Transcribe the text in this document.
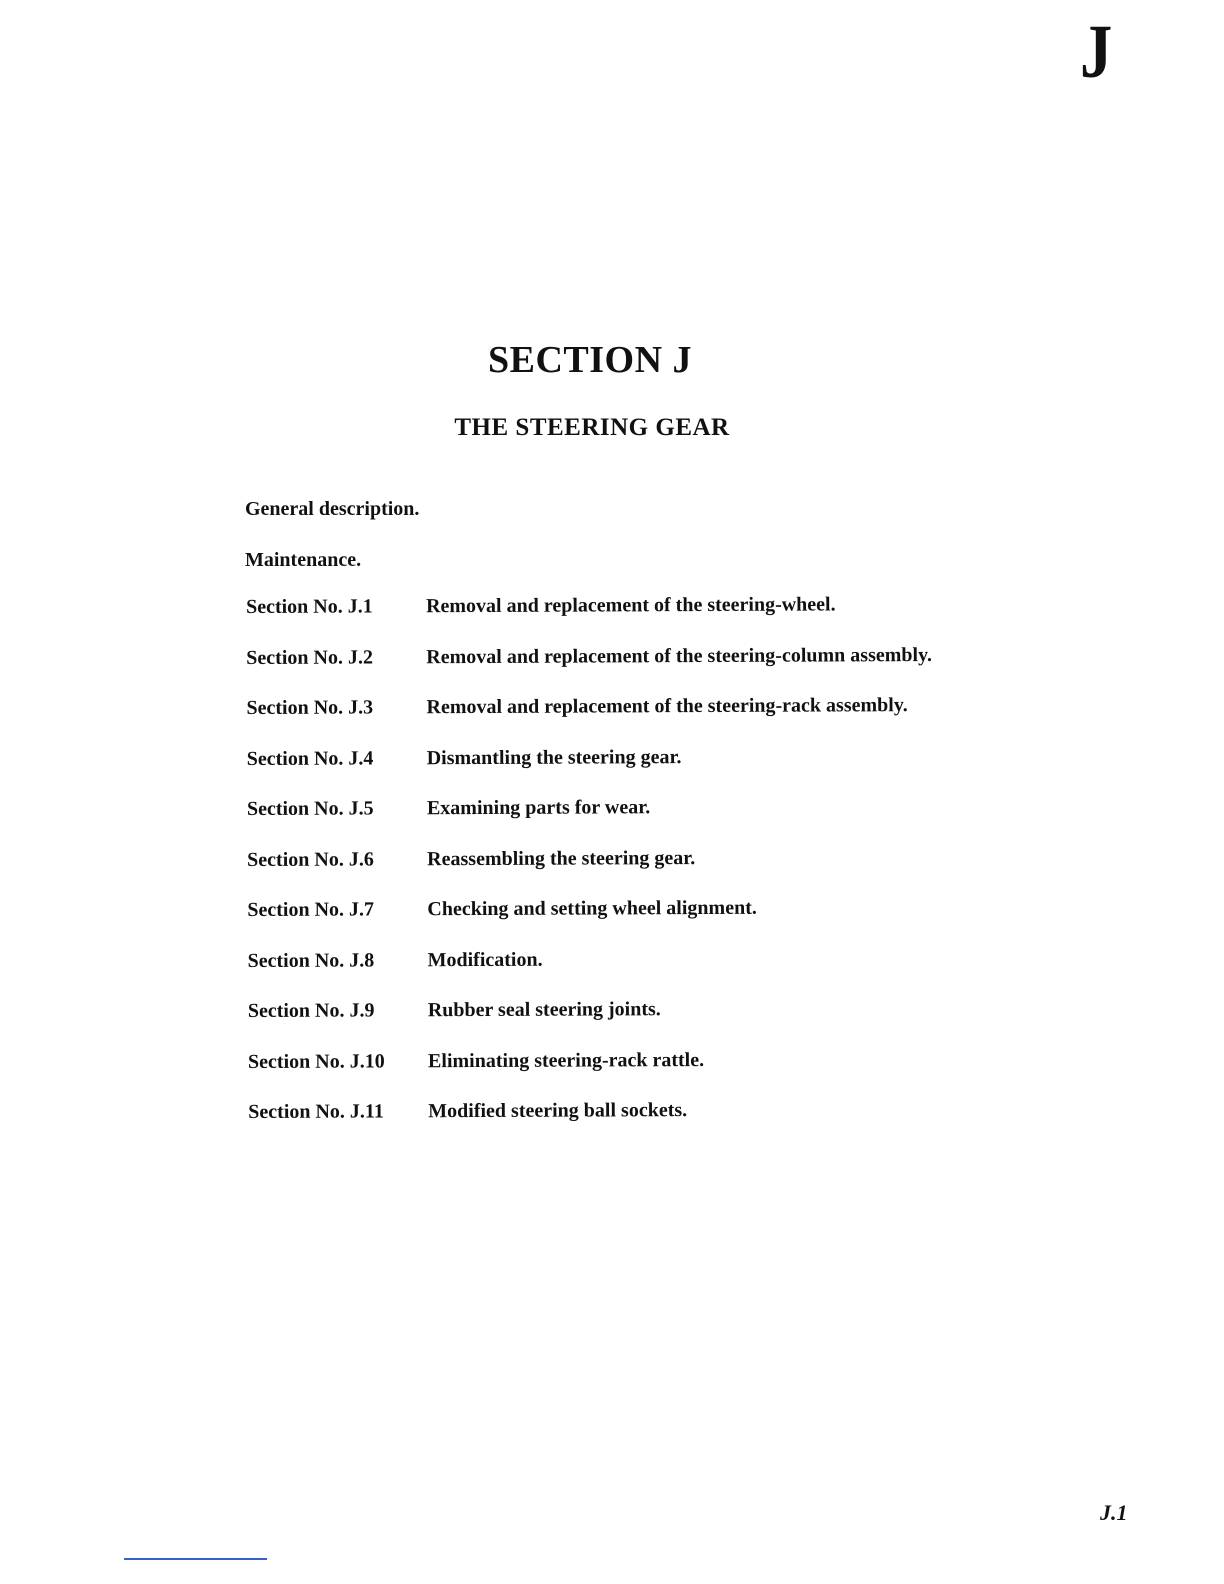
J
SECTION J
THE STEERING GEAR
General description.
Maintenance.
Section No. J.1	Removal and replacement of the steering-wheel.
Section No. J.2	Removal and replacement of the steering-column assembly.
Section No. J.3	Removal and replacement of the steering-rack assembly.
Section No. J.4	Dismantling the steering gear.
Section No. J.5	Examining parts for wear.
Section No. J.6	Reassembling the steering gear.
Section No. J.7	Checking and setting wheel alignment.
Section No. J.8	Modification.
Section No. J.9	Rubber seal steering joints.
Section No. J.10	Eliminating steering-rack rattle.
Section No. J.11	Modified steering ball sockets.
J.1
